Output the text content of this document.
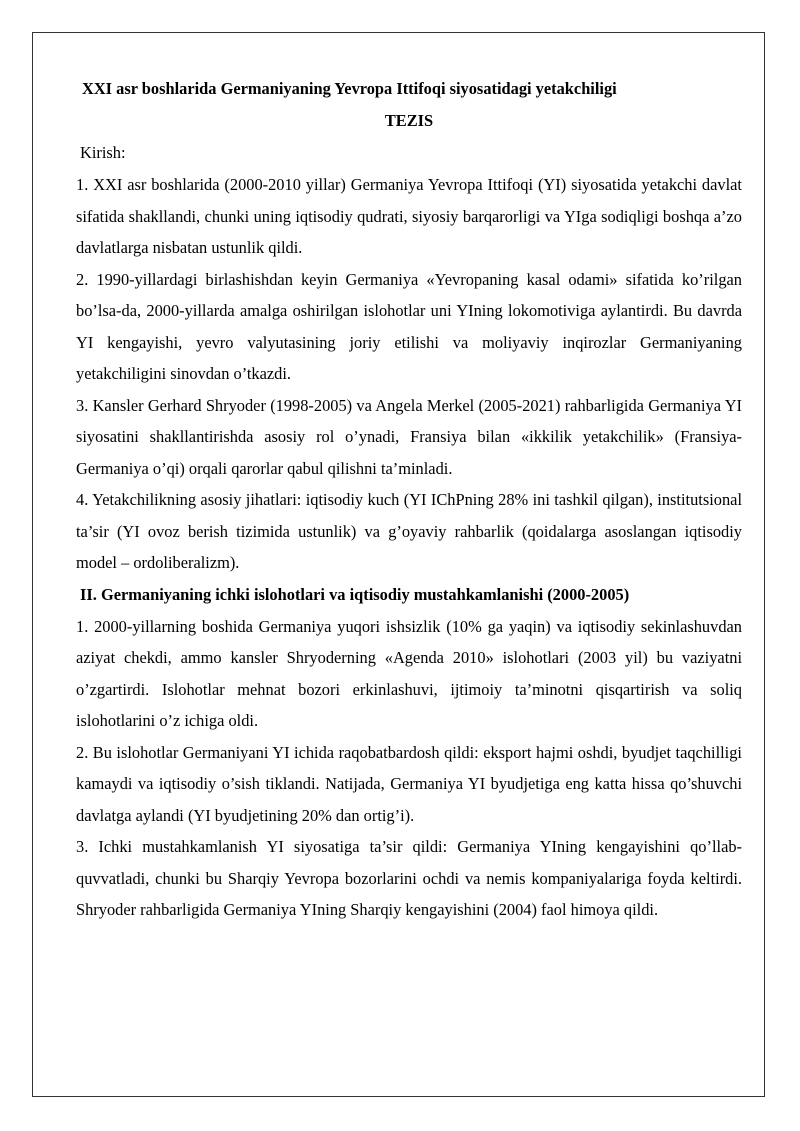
XXI asr boshlarida Germaniyaning Yevropa Ittifoqi siyosatidagi yetakchiligi

TEZIS

Kirish:

1. XXI asr boshlarida (2000-2010 yillar) Germaniya Yevropa Ittifoqi (YI) siyosatida yetakchi davlat sifatida shakllandi, chunki uning iqtisodiy qudrati, siyosiy barqarorligi va YIga sodiqligi boshqa a’zo davlatlarga nisbatan ustunlik qildi.

2. 1990-yillardagi birlashishdan keyin Germaniya «Yevropaning kasal odami» sifatida ko’rilgan bo’lsa-da, 2000-yillarda amalga oshirilgan islohotlar uni YIning lokomotiviga aylantirdi. Bu davrda YI kengayishi, yevro valyutasining joriy etilishi va moliyaviy inqirozlar Germaniyaning yetakchiligini sinovdan o’tkazdi.

3. Kansler Gerhard Shryoder (1998-2005) va Angela Merkel (2005-2021) rahbarligida Germaniya YI siyosatini shakllantirishda asosiy rol o’ynadi, Fransiya bilan «ikkilik yetakchilik» (Fransiya-Germaniya o’qi) orqali qarorlar qabul qilishni ta’minladi.

4. Yetakchilikning asosiy jihatlari: iqtisodiy kuch (YI IChPning 28% ini tashkil qilgan), institutsional ta’sir (YI ovoz berish tizimida ustunlik) va g’oyaviy rahbarlik (qoidalarga asoslangan iqtisodiy model – ordoliberalizm).

II. Germaniyaning ichki islohotlari va iqtisodiy mustahkamlanishi (2000-2005)

1. 2000-yillarning boshida Germaniya yuqori ishsizlik (10% ga yaqin) va iqtisodiy sekinlashuvdan aziyat chekdi, ammo kansler Shryoderning «Agenda 2010» islohotlari (2003 yil) bu vaziyatni o’zgartirdi. Islohotlar mehnat bozori erkinlashuvi, ijtimoiy ta’minotni qisqartirish va soliq islohotlarini o’z ichiga oldi.

2. Bu islohotlar Germaniyani YI ichida raqobatbardosh qildi: eksport hajmi oshdi, byudjet taqchilligi kamaydi va iqtisodiy o’sish tiklandi. Natijada, Germaniya YI byudjetiga eng katta hissa qo’shuvchi davlatga aylandi (YI byudjetining 20% dan ortig’i).

3. Ichki mustahkamlanish YI siyosatiga ta’sir qildi: Germaniya YIning kengayishini qo’llab-quvvatladi, chunki bu Sharqiy Yevropa bozorlarini ochdi va nemis kompaniyalariga foyda keltirdi. Shryoder rahbarligida Germaniya YIning Sharqiy kengayishini (2004) faol himoya qildi.
